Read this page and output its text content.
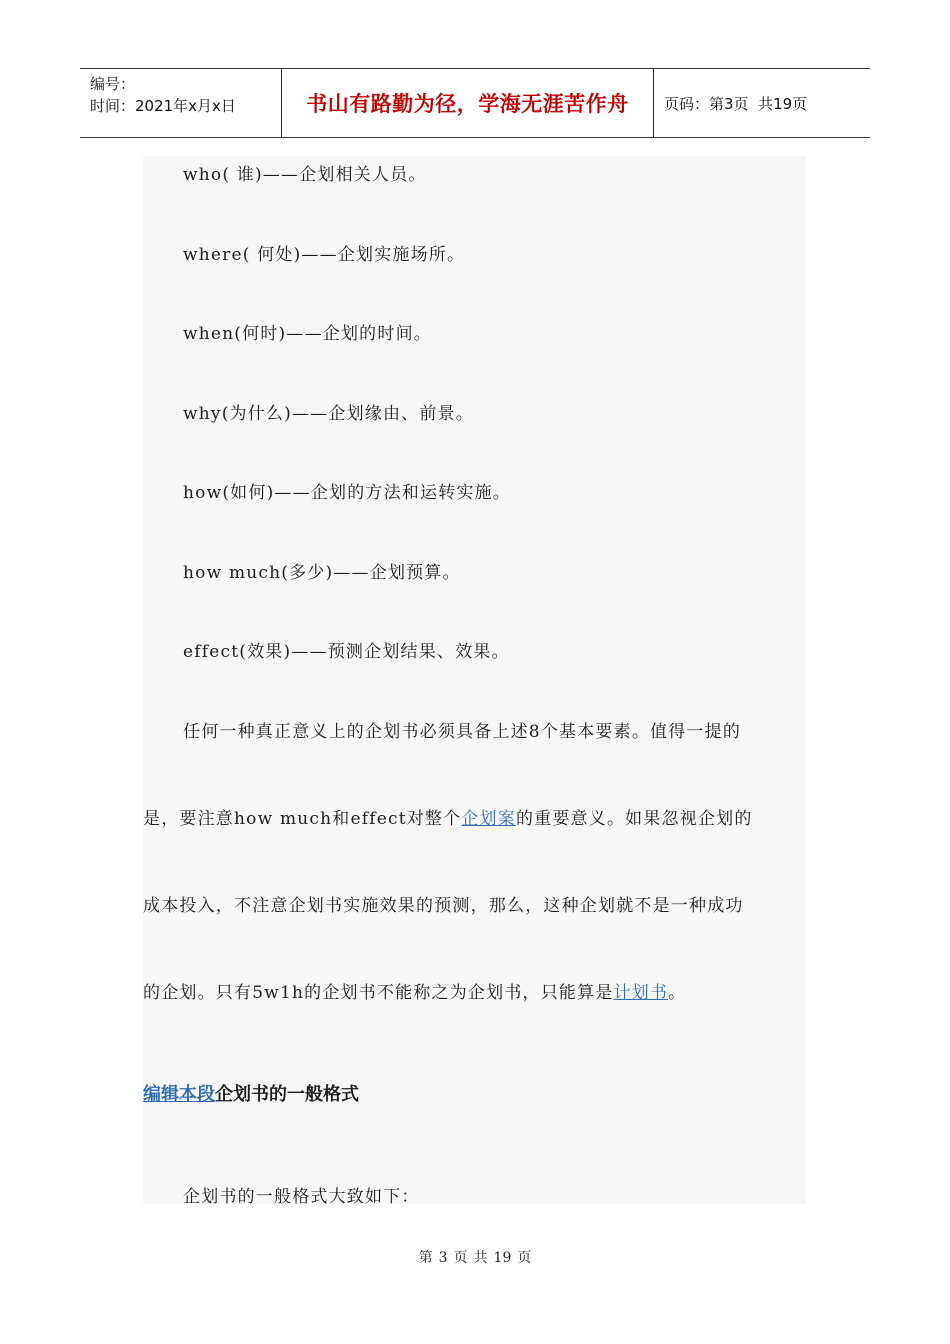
编号：
时间：2021年x月x日	书山有路勤为径，学海无涯苦作舟	页码：第3页  共19页
who( 谁)——企划相关人员。
where( 何处)——企划实施场所。
when(何时)——企划的时间。
why(为什么)——企划缘由、前景。
how(如何)——企划的方法和运转实施。
how much(多少)——企划预算。
effect(效果)——预测企划结果、效果。
任何一种真正意义上的企划书必须具备上述8个基本要素。值得一提的
是，要注意how much和effect对整个企划案的重要意义。如果忽视企划的
成本投入，不注意企划书实施效果的预测，那么，这种企划就不是一种成功
的企划。只有5w1h的企划书不能称之为企划书，只能算是计划书。
编辑本段企划书的一般格式
企划书的一般格式大致如下：
第 3 页 共 19 页
